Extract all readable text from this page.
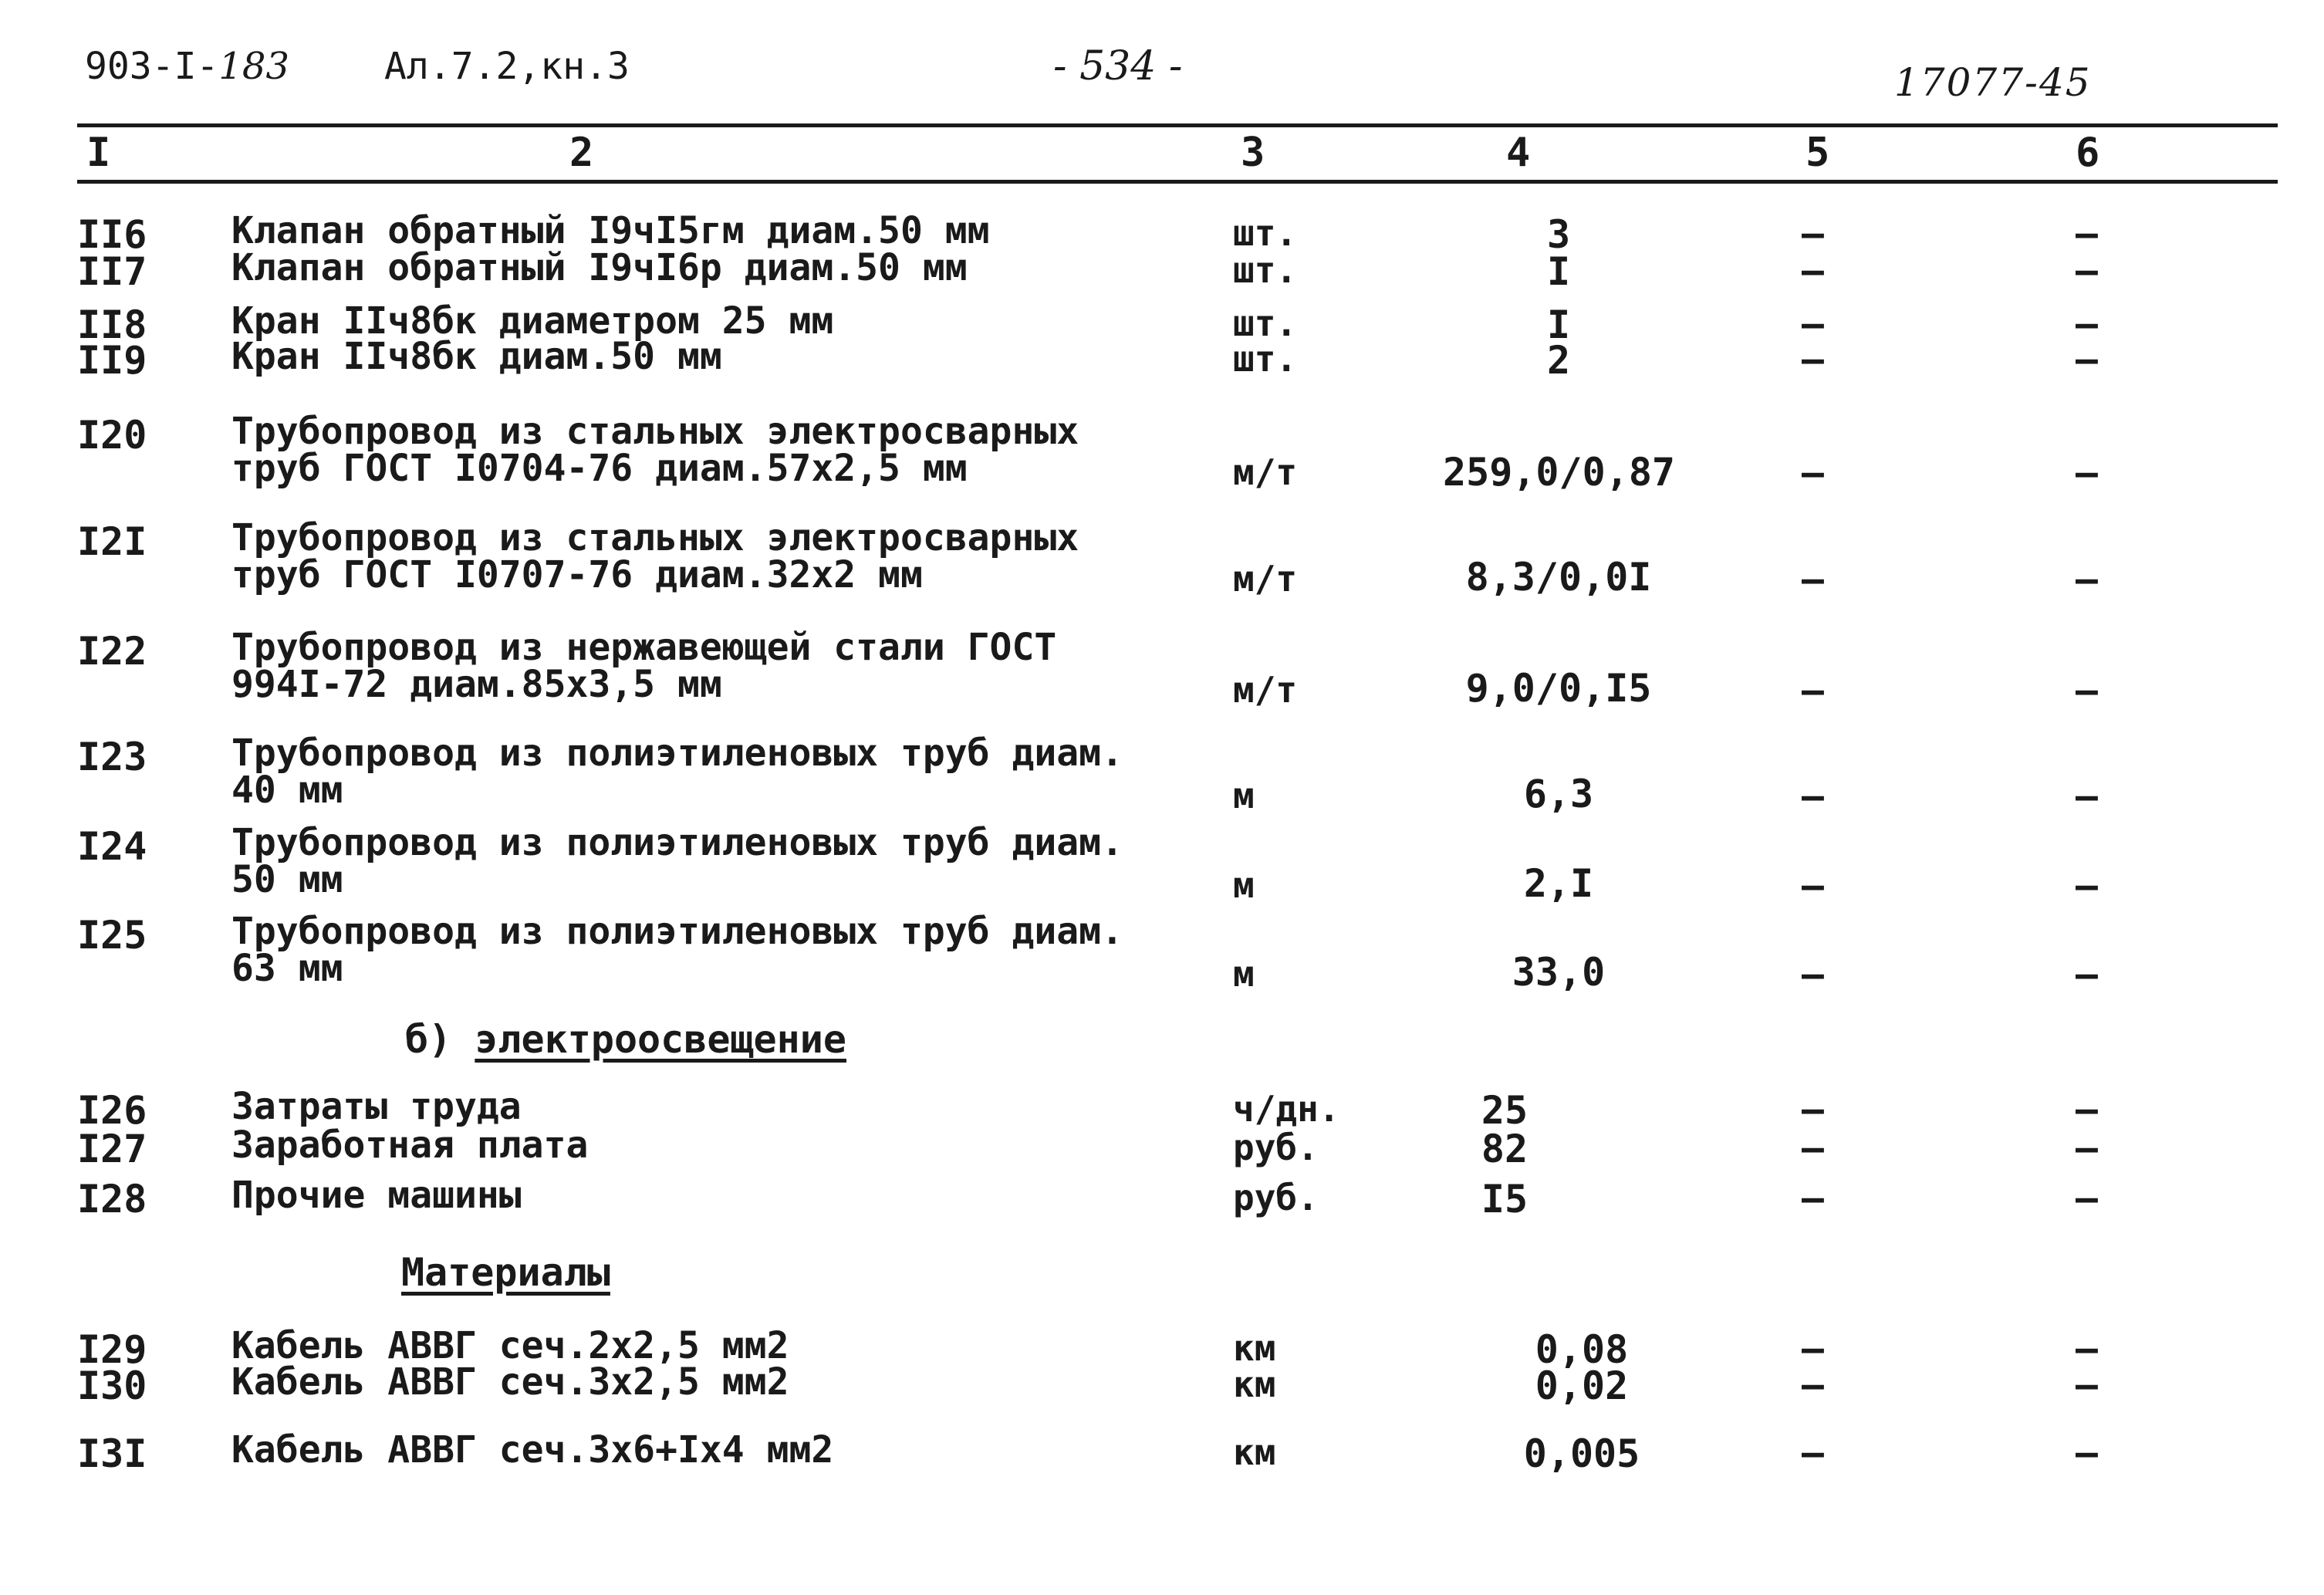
903-I-183	Ал.7.2,кн.3	- 534 -	17077-45
I	2	3	4	5	6
II6 Клапан обратный I9чI5гм диам.50 мм	шт.	3	–	–
II7 Клапан обратный I9чI6р диам.50 мм	шт.	I	–	–
II8 Кран IIч8бк диаметром 25 мм	шт.	I	–	–
II9 Кран IIч8бк диам.50 мм	шт.	2	–	–
I20 Трубопровод из стальных электросварных
труб ГОСТ I0704-76 диам.57х2,5 мм	м/т	259,0/0,87	–	–
I2I Трубопровод из стальных электросварных
труб ГОСТ I0707-76 диам.32х2 мм	м/т	8,3/0,0I	–	–
I22 Трубопровод из нержавеющей стали ГОСТ
994I-72 диам.85х3,5 мм	м/т	9,0/0,I5	–	–
I23 Трубопровод из полиэтиленовых труб диам.
40 мм	м	6,3	–	–
I24 Трубопровод из полиэтиленовых труб диам.
50 мм	м	2,I	–	–
I25 Трубопровод из полиэтиленовых труб диам.
63 мм	м	33,0	–	–
б) электроосвещение
I26 Затраты труда	ч/дн.	25	–	–
I27 Заработная плата	руб.	82	–	–
I28 Прочие машины	руб.	I5	–	–
Материалы
I29 Кабель АВВГ сеч.2х2,5 мм2	км	0,08	–	–
I30 Кабель АВВГ сеч.3х2,5 мм2	км	0,02	–	–
I3I Кабель АВВГ сеч.3х6+Iх4 мм2	км	0,005	–	–
